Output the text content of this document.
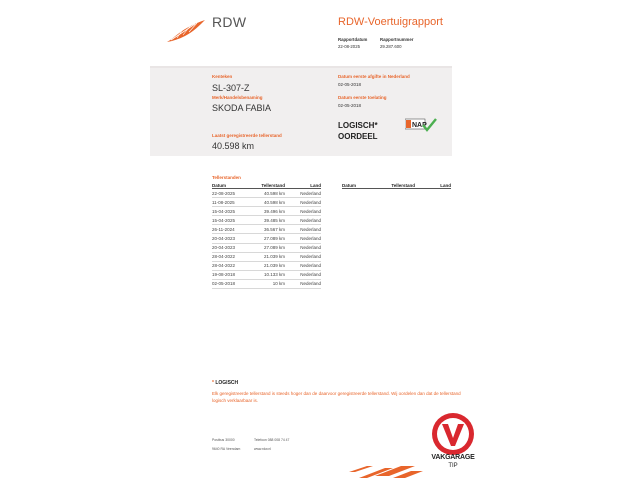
RDW	RDW-Voertuigrapport
Rapportdatum
22-08-2025
Rapportnummer
29.287.600
Kenteken
SL-307-Z
Merk/Handelsbenaming
SKODA FABIA
Laatst geregistreerde tellerstand
40.598 km
Datum eerste afgifte in Nederland
02-05-2018
Datum eerste toelating
02-05-2018
LOGISCH*
OORDEEL
NAP
Tellerstanden
Datum	Tellerstand	Land
22-08-2025	40.598 km	Nederland
11-08-2025	40.598 km	Nederland
15-04-2025	39.496 km	Nederland
15-04-2025	39.485 km	Nederland
26-11-2024	36.567 km	Nederland
20-04-2023	27.089 km	Nederland
20-04-2023	27.089 km	Nederland
28-04-2022	21.039 km	Nederland
28-04-2022	21.039 km	Nederland
19-08-2018	10.133 km	Nederland
02-05-2018	10 km	Nederland
Datum	Tellerstand	Land
* LOGISCH
Elk geregistreerde tellerstand is steeds hoger dan de daarvoor geregistreerde tellerstand. Wij oordelen dan dat de tellerstand logisch verklaarbaar is.
Postbus 30000
9640 RA Veendam
Telefoon 088 008 74 47
www.rdw.nl
VAKGARAGE
TIP
